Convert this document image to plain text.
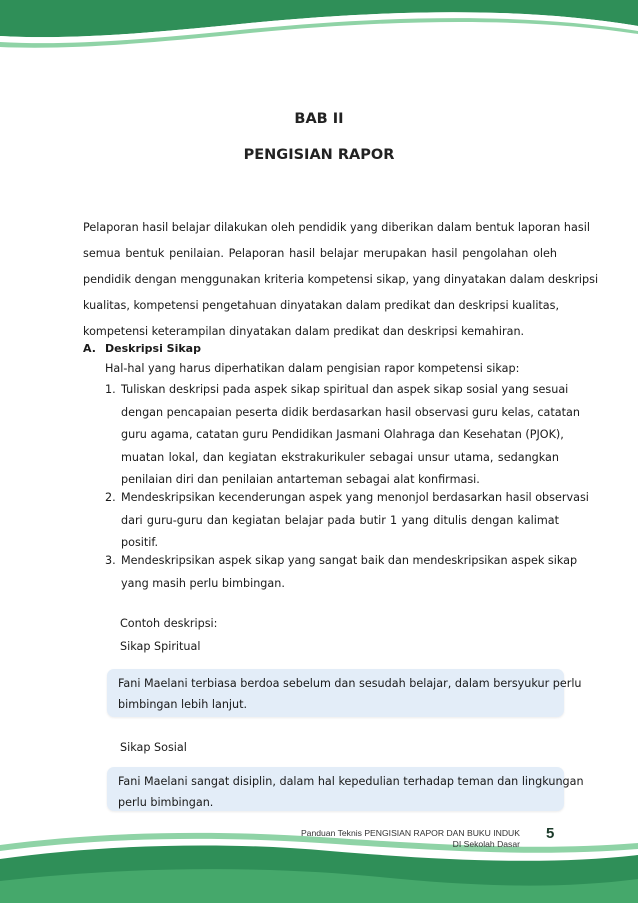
BAB II
PENGISIAN RAPOR
Pelaporan hasil belajar dilakukan oleh pendidik yang diberikan dalam bentuk laporan hasil
semua bentuk penilaian. Pelaporan hasil belajar merupakan hasil pengolahan oleh
pendidik dengan menggunakan kriteria kompetensi sikap, yang dinyatakan dalam deskripsi
kualitas, kompetensi pengetahuan dinyatakan dalam predikat dan deskripsi kualitas,
kompetensi keterampilan dinyatakan dalam predikat dan deskripsi kemahiran.
A. Deskripsi Sikap
Hal-hal yang harus diperhatikan dalam pengisian rapor kompetensi sikap:
1. Tuliskan deskripsi pada aspek sikap spiritual dan aspek sikap sosial yang sesuai
dengan pencapaian peserta didik berdasarkan hasil observasi guru kelas, catatan
guru agama, catatan guru Pendidikan Jasmani Olahraga dan Kesehatan (PJOK),
muatan lokal, dan kegiatan ekstrakurikuler sebagai unsur utama, sedangkan
penilaian diri dan penilaian antarteman sebagai alat konfirmasi.
2. Mendeskripsikan kecenderungan aspek yang menonjol berdasarkan hasil observasi
dari guru-guru dan kegiatan belajar pada butir 1 yang ditulis dengan kalimat
positif.
3. Mendeskripsikan aspek sikap yang sangat baik dan mendeskripsikan aspek sikap
yang masih perlu bimbingan.
Contoh deskripsi:
Sikap Spiritual
Fani Maelani terbiasa berdoa sebelum dan sesudah belajar, dalam bersyukur perlu
bimbingan lebih lanjut.
Sikap Sosial
Fani Maelani sangat disiplin, dalam hal kepedulian terhadap teman dan lingkungan
perlu bimbingan.
Panduan Teknis PENGISIAN RAPOR DAN BUKU INDUK
DI Sekolah Dasar
5
